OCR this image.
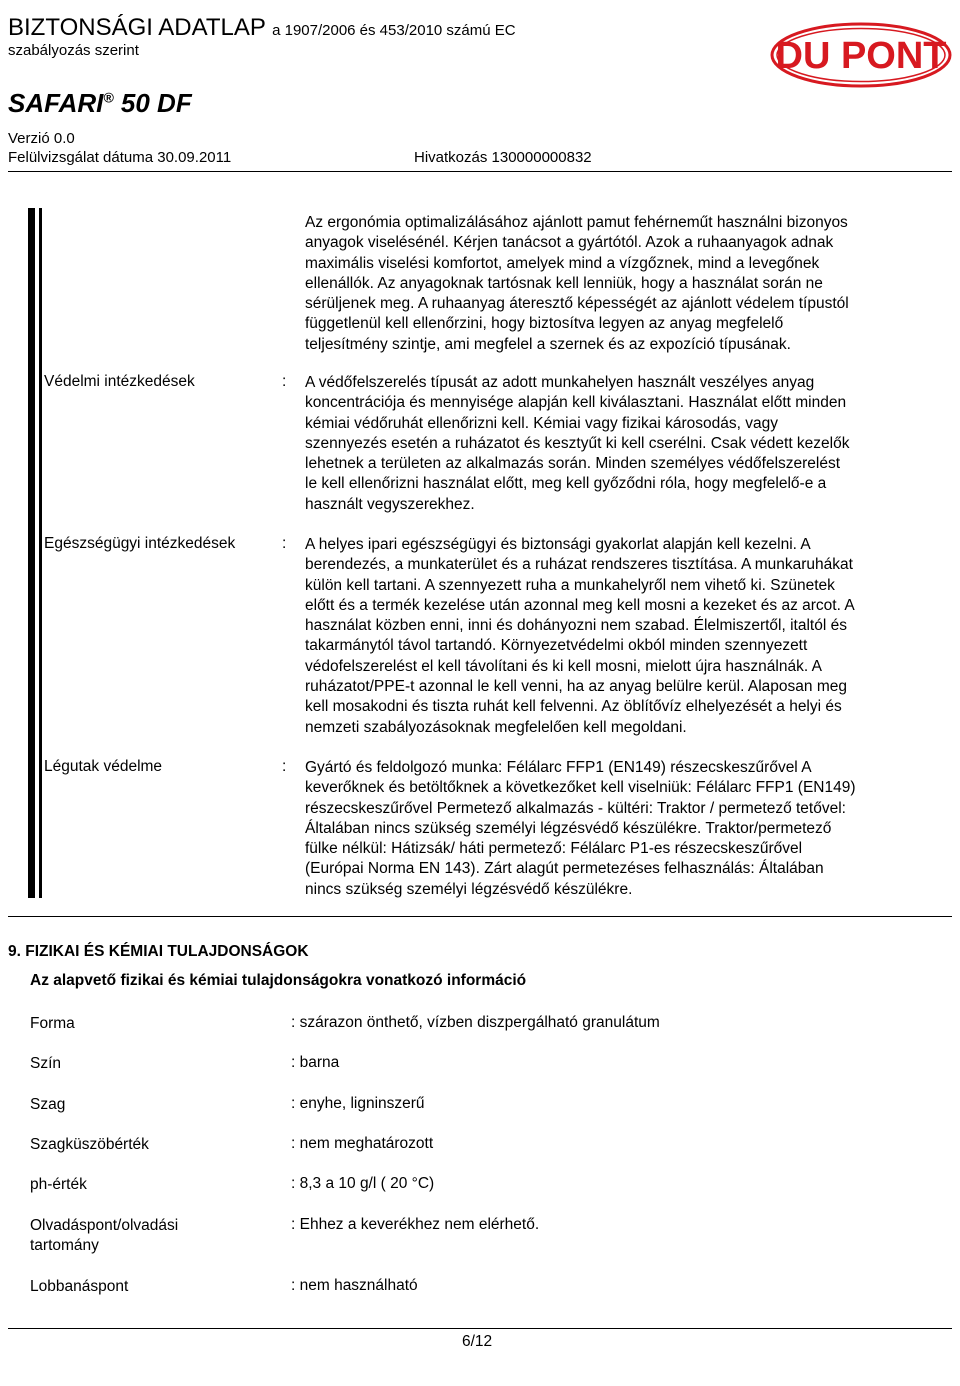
BIZTONSÁGI ADATLAP a 1907/2006 és 453/2010 számú EC
szabályozás szerint
SAFARI® 50 DF
Verzió 0.0
Felülvizsgálat dátuma 30.09.2011	Hivatkozás 130000000832
DU PONT
Az ergonómia optimalizálásához ajánlott pamut fehérneműt használni bizonyos
anyagok viselésénél. Kérjen tanácsot a gyártótól. Azok a ruhaanyagok adnak
maximális viselési komfortot, amelyek mind a vízgőznek, mind a levegőnek
ellenállók. Az anyagoknak tartósnak kell lenniük, hogy a használat során ne
sérüljenek meg. A ruhaanyag áteresztő képességét az ajánlott védelem típustól
függetlenül kell ellenőrzini, hogy biztosítva legyen az anyag megfelelő
teljesítmény szintje, ami megfelel a szernek és az expozíció típusának.
Védelmi intézkedések	: A védőfelszerelés típusát az adott munkahelyen használt veszélyes anyag
koncentrációja és mennyisége alapján kell kiválasztani. Használat előtt minden
kémiai védőruhát ellenőrizni kell. Kémiai vagy fizikai károsodás, vagy
szennyezés esetén a ruházatot és kesztyűt ki kell cserélni. Csak védett kezelők
lehetnek a területen az alkalmazás során. Minden személyes védőfelszerelést
le kell ellenőrizni használat előtt, meg kell győződni róla, hogy megfelelő-e a
használt vegyszerekhez.
Egészségügyi intézkedések	: A helyes ipari egészségügyi és biztonsági gyakorlat alapján kell kezelni. A
berendezés, a munkaterület és a ruházat rendszeres tisztítása. A munkaruhákat
külön kell tartani. A szennyezett ruha a munkahelyről nem vihető ki. Szünetek
előtt és a termék kezelése után azonnal meg kell mosni a kezeket és az arcot. A
használat közben enni, inni és dohányozni nem szabad. Élelmiszertől, italtól és
takarmánytól távol tartandó. Környezetvédelmi okból minden szennyezett
védofelszerelést el kell távolítani és ki kell mosni, mielott újra használnák. A
ruházatot/PPE-t azonnal le kell venni, ha az anyag belülre kerül. Alaposan meg
kell mosakodni és tiszta ruhát kell felvenni. Az öblítővíz elhelyezését a helyi és
nemzeti szabályozásoknak megfelelően kell megoldani.
Légutak védelme	: Gyártó és feldolgozó munka: Félálarc FFP1 (EN149) részecskeszűrővel A
keverőknek és betöltőknek a következőket kell viselniük: Félálarc FFP1 (EN149)
részecskeszűrővel Permetező alkalmazás - kültéri: Traktor / permetező tetővel:
Általában nincs szükség személyi légzésvédő készülékre. Traktor/permetező
fülke nélkül: Hátizsák/ háti permetező: Félálarc P1-es részecskeszűrővel
(Európai Norma EN 143). Zárt alagút permetezéses felhasználás: Általában
nincs szükség személyi légzésvédő készülékre.
9. FIZIKAI ÉS KÉMIAI TULAJDONSÁGOK
Az alapvető fizikai és kémiai tulajdonságokra vonatkozó információ
Forma	: szárazon önthető, vízben diszpergálható granulátum
Szín	: barna
Szag	: enyhe, ligninszerű
Szagküszöbérték	: nem meghatározott
ph-érték	: 8,3 a 10 g/l ( 20 °C)
Olvadáspont/olvadási
tartomány
: Ehhez a keverékhez nem elérhető.
Lobbanáspont	: nem használható
6/12
